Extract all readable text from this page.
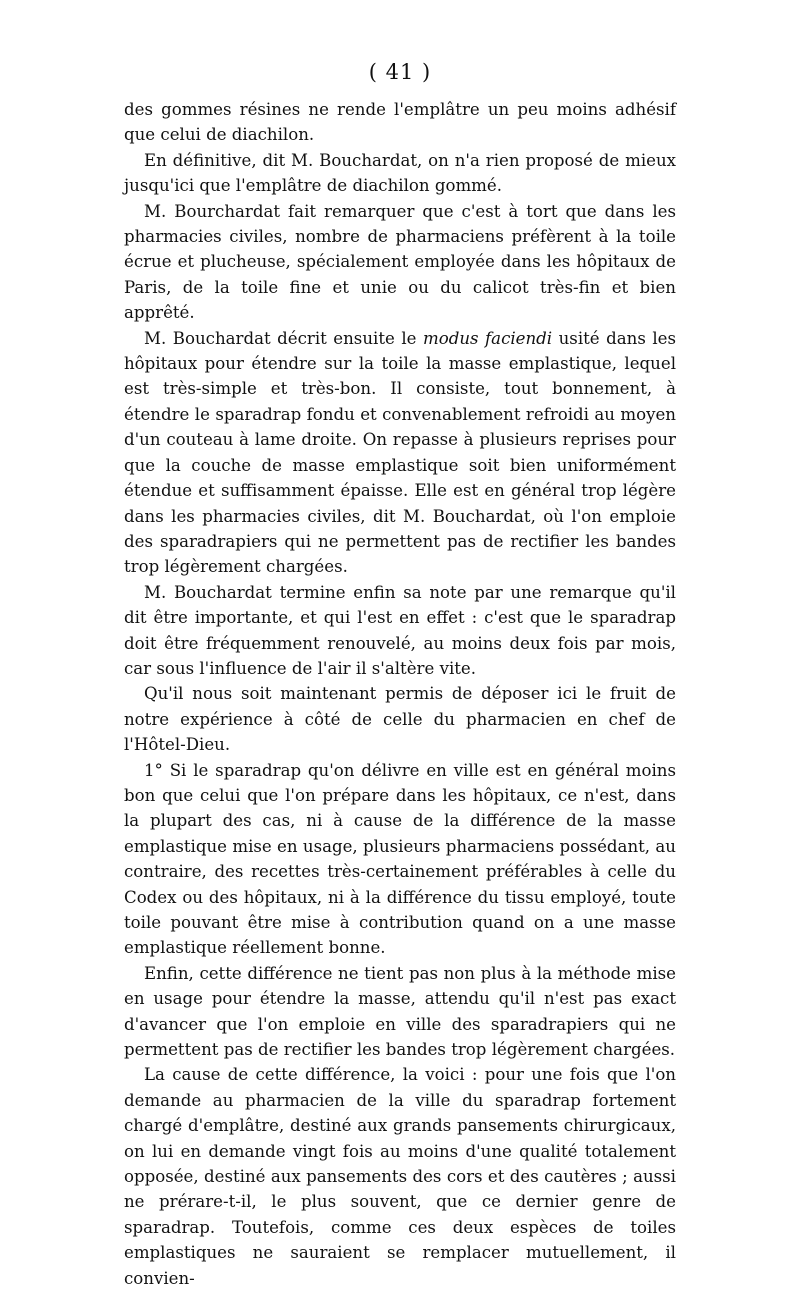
( 41 )

des gommes résines ne rende l'emplâtre un peu moins adhésif que celui de diachilon.

En définitive, dit M. Bouchardat, on n'a rien proposé de mieux jusqu'ici que l'emplâtre de diachilon gommé.

M. Bourchardat fait remarquer que c'est à tort que dans les pharmacies civiles, nombre de pharmaciens préfèrent à la toile écrue et plucheuse, spécialement employée dans les hôpitaux de Paris, de la toile fine et unie ou du calicot très-fin et bien apprêté.

M. Bouchardat décrit ensuite le modus faciendi usité dans les hôpitaux pour étendre sur la toile la masse emplastique, lequel est très-simple et très-bon. Il consiste, tout bonnement, à étendre le sparadrap fondu et convenablement refroidi au moyen d'un couteau à lame droite. On repasse à plusieurs reprises pour que la couche de masse emplastique soit bien uniformément étendue et suffisamment épaisse. Elle est en général trop légère dans les pharmacies civiles, dit M. Bouchardat, où l'on emploie des sparadrapiers qui ne permettent pas de rectifier les bandes trop légèrement chargées.

M. Bouchardat termine enfin sa note par une remarque qu'il dit être importante, et qui l'est en effet : c'est que le sparadrap doit être fréquemment renouvelé, au moins deux fois par mois, car sous l'influence de l'air il s'altère vite.

Qu'il nous soit maintenant permis de déposer ici le fruit de notre expérience à côté de celle du pharmacien en chef de l'Hôtel-Dieu.

1° Si le sparadrap qu'on délivre en ville est en général moins bon que celui que l'on prépare dans les hôpitaux, ce n'est, dans la plupart des cas, ni à cause de la différence de la masse emplastique mise en usage, plusieurs pharmaciens possédant, au contraire, des recettes très-certainement préférables à celle du Codex ou des hôpitaux, ni à la différence du tissu employé, toute toile pouvant être mise à contribution quand on a une masse emplastique réellement bonne.

Enfin, cette différence ne tient pas non plus à la méthode mise en usage pour étendre la masse, attendu qu'il n'est pas exact d'avancer que l'on emploie en ville des sparadrapiers qui ne permettent pas de rectifier les bandes trop légèrement chargées.

La cause de cette différence, la voici : pour une fois que l'on demande au pharmacien de la ville du sparadrap fortement chargé d'emplâtre, destiné aux grands pansements chirurgicaux, on lui en demande vingt fois au moins d'une qualité totalement opposée, destiné aux pansements des cors et des cautères ; aussi ne prérare-t-il, le plus souvent, que ce dernier genre de sparadrap. Toutefois, comme ces deux espèces de toiles emplastiques ne sauraient se remplacer mutuellement, il convien-
